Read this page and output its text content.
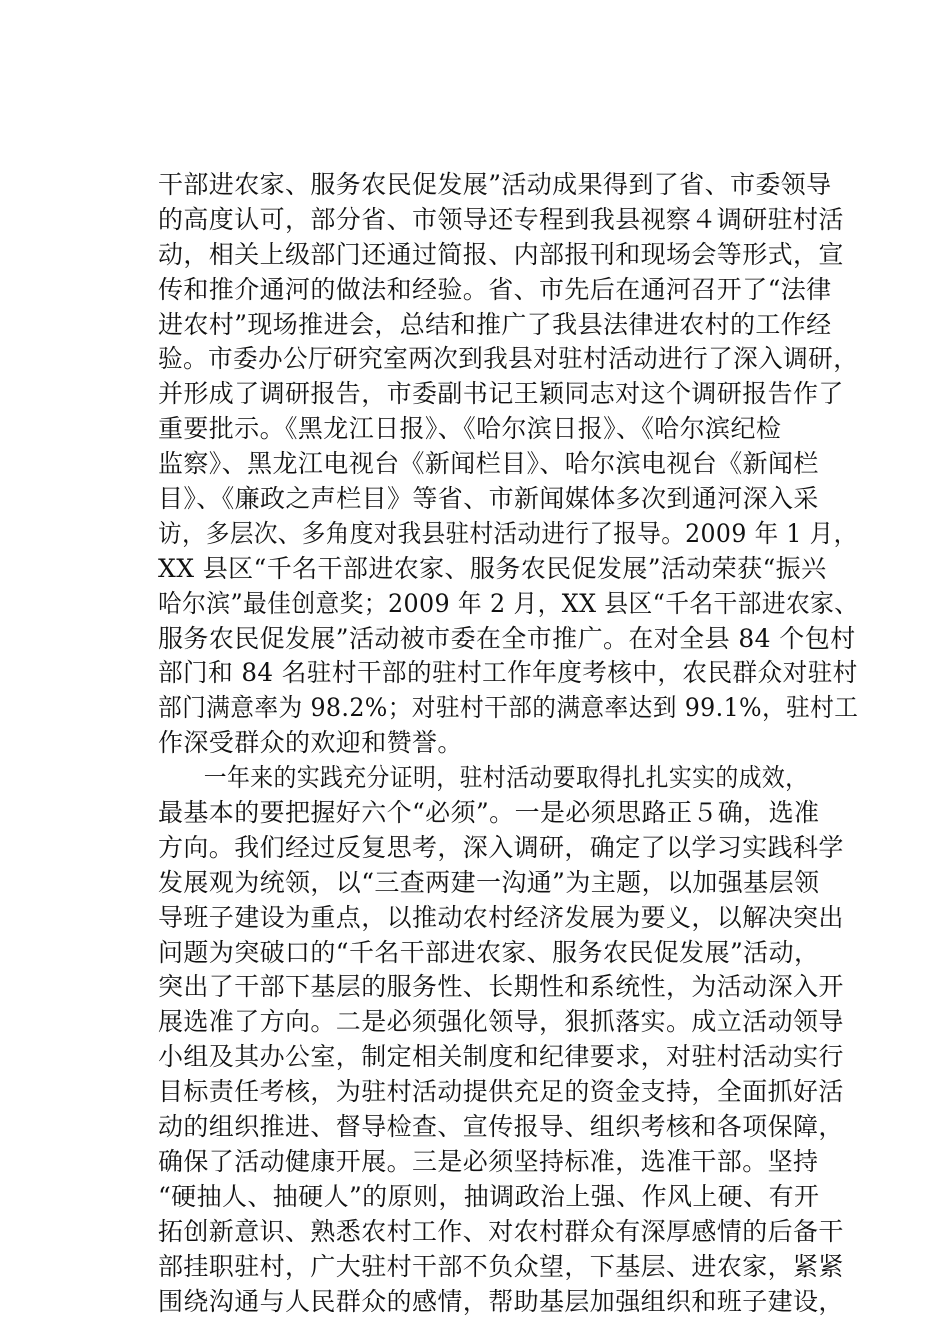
干部进农家、服务农民促发展”活动成果得到了省、市委领导
的高度认可，部分省、市领导还专程到我县视察４调研驻村活
动，相关上级部门还通过简报、内部报刊和现场会等形式，宣
传和推介通河的做法和经验。省、市先后在通河召开了“法律
进农村”现场推进会，总结和推广了我县法律进农村的工作经
验。市委办公厅研究室两次到我县对驻村活动进行了深入调研，
并形成了调研报告，市委副书记王颖同志对这个调研报告作了
重要批示。《黑龙江日报》、《哈尔滨日报》、《哈尔滨纪检
监察》、黑龙江电视台《新闻栏目》、哈尔滨电视台《新闻栏
目》、《廉政之声栏目》等省、市新闻媒体多次到通河深入采
访，多层次、多角度对我县驻村活动进行了报导。2009 年 1 月，
XX 县区“千名干部进农家、服务农民促发展”活动荣获“振兴
哈尔滨”最佳创意奖；2009 年 2 月，XX 县区“千名干部进农家、
服务农民促发展”活动被市委在全市推广。在对全县 84 个包村
部门和 84 名驻村干部的驻村工作年度考核中，农民群众对驻村
部门满意率为 98.2%；对驻村干部的满意率达到 99.1%，驻村工
作深受群众的欢迎和赞誉。
一年来的实践充分证明，驻村活动要取得扎扎实实的成效，
最基本的要把握好六个“必须”。一是必须思路正５确，选准
方向。我们经过反复思考，深入调研，确定了以学习实践科学
发展观为统领，以“三查两建一沟通”为主题，以加强基层领
导班子建设为重点，以推动农村经济发展为要义，以解决突出
问题为突破口的“千名干部进农家、服务农民促发展”活动，
突出了干部下基层的服务性、长期性和系统性，为活动深入开
展选准了方向。二是必须强化领导，狠抓落实。成立活动领导
小组及其办公室，制定相关制度和纪律要求，对驻村活动实行
目标责任考核，为驻村活动提供充足的资金支持，全面抓好活
动的组织推进、督导检查、宣传报导、组织考核和各项保障，
确保了活动健康开展。三是必须坚持标准，选准干部。坚持
“硬抽人、抽硬人”的原则，抽调政治上强、作风上硬、有开
拓创新意识、熟悉农村工作、对农村群众有深厚感情的后备干
部挂职驻村，广大驻村干部不负众望，下基层、进农家，紧紧
围绕沟通与人民群众的感情，帮助基层加强组织和班子建设，
